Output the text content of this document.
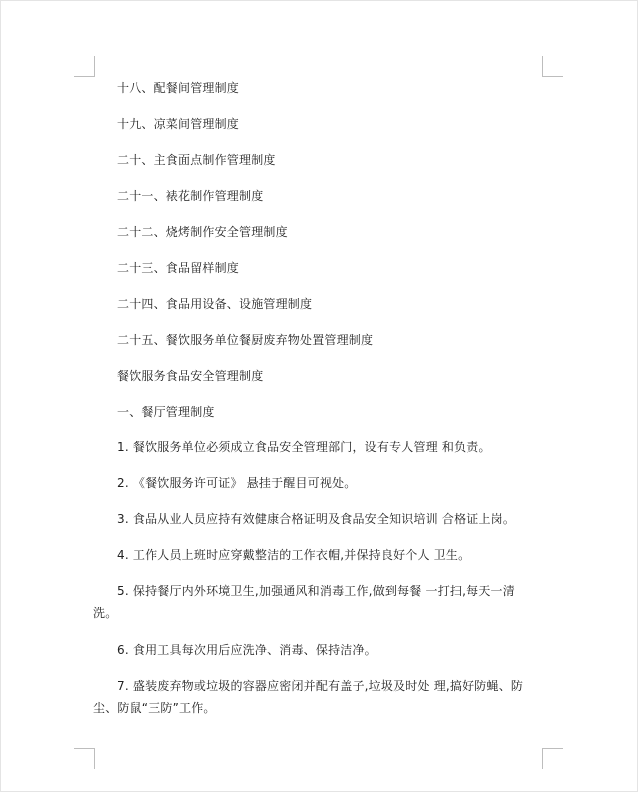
十八、配餐间管理制度
十九、凉菜间管理制度
二十、主食面点制作管理制度
二十一、裱花制作管理制度
二十二、烧烤制作安全管理制度
二十三、食品留样制度
二十四、食品用设备、设施管理制度
二十五、餐饮服务单位餐厨废弃物处置管理制度
餐饮服务食品安全管理制度
一、餐厅管理制度
1. 餐饮服务单位必须成立食品安全管理部门，设有专人管理 和负责。
2. 《餐饮服务许可证》 悬挂于醒目可视处。
3. 食品从业人员应持有效健康合格证明及食品安全知识培训 合格证上岗。
4. 工作人员上班时应穿戴整洁的工作衣帽,并保持良好个人 卫生。
5. 保持餐厅内外环境卫生,加强通风和消毒工作,做到每餐 一打扫,每天一清洗。
6. 食用工具每次用后应洗净、消毒、保持洁净。
7. 盛装废弃物或垃圾的容器应密闭并配有盖子,垃圾及时处 理,搞好防蝇、防尘、防鼠“三防”工作。
